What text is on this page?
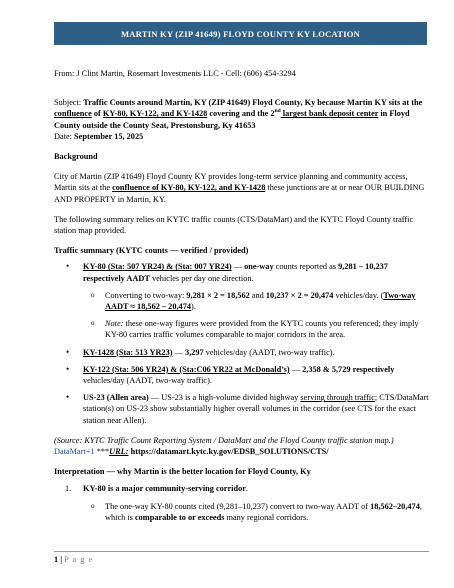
MARTIN KY (ZIP 41649) FLOYD COUNTY KY LOCATION

From: J Clint Martin, Rosemart Investments LLC - Cell: (606) 454-3294

Subject: Traffic Counts around Martin, KY (ZIP 41649) Floyd County, Ky because Martin KY sits at the confluence of KY-80, KY-122, and KY-1428 covering and the 2nd largest bank deposit center in Floyd County outside the County Seat, Prestonsburg, Ky 41653
Date: September 15, 2025

Background

City of Martin (ZIP 41649) Floyd County KY provides long-term service planning and community access, Martin sits at the confluence of KY-80, KY-122, and KY-1428 these junctions are at or near OUR BUILDING AND PROPERTY in Martin, KY.

The following summary relies on KYTC traffic counts (CTS/DataMart) and the KYTC Floyd County traffic station map provided.

Traffic summary (KYTC counts — verified / provided)

• KY-80 (Sta: 507 YR24) & (Sta: 007 YR24) — one-way counts reported as 9,281 – 10,237 respectively AADT vehicles per day one direction.
o Converting to two-way: 9,281 × 2 = 18,562 and 10,237 × 2 = 20,474 vehicles/day. (Two-way AADT ≈ 18,562 – 20,474).
o Note: these one-way figures were provided from the KYTC counts you referenced; they imply KY-80 carries traffic volumes comparable to major corridors in the area.
• KY-1428 (Sta: 513 YR23) — 3,297 vehicles/day (AADT, two-way traffic).
• KY-122 (Sta: 506 YR24) & (Sta:C06 YR22 at McDonald’s) — 2,358 & 5,729 respectively vehicles/day (AADT, two-way traffic).
• US-23 (Allen area) — US-23 is a high-volume divided highway serving through traffic; CTS/DataMart station(s) on US-23 show substantially higher overall volumes in the corridor (see CTS for the exact station near Allen).

(Source: KYTC Traffic Count Reporting System / DataMart and the Floyd County traffic station map.) DataMart+1 ***URL: https://datamart.kytc.ky.gov/EDSB_SOLUTIONS/CTS/

Interpretation — why Martin is the better location for Floyd County, Ky

1. KY-80 is a major community-serving corridor.
o The one-way KY-80 counts cited (9,281–10,237) convert to two-way AADT of 18,562–20,474, which is comparable to or exceeds many regional corridors.
1 | P a g e
